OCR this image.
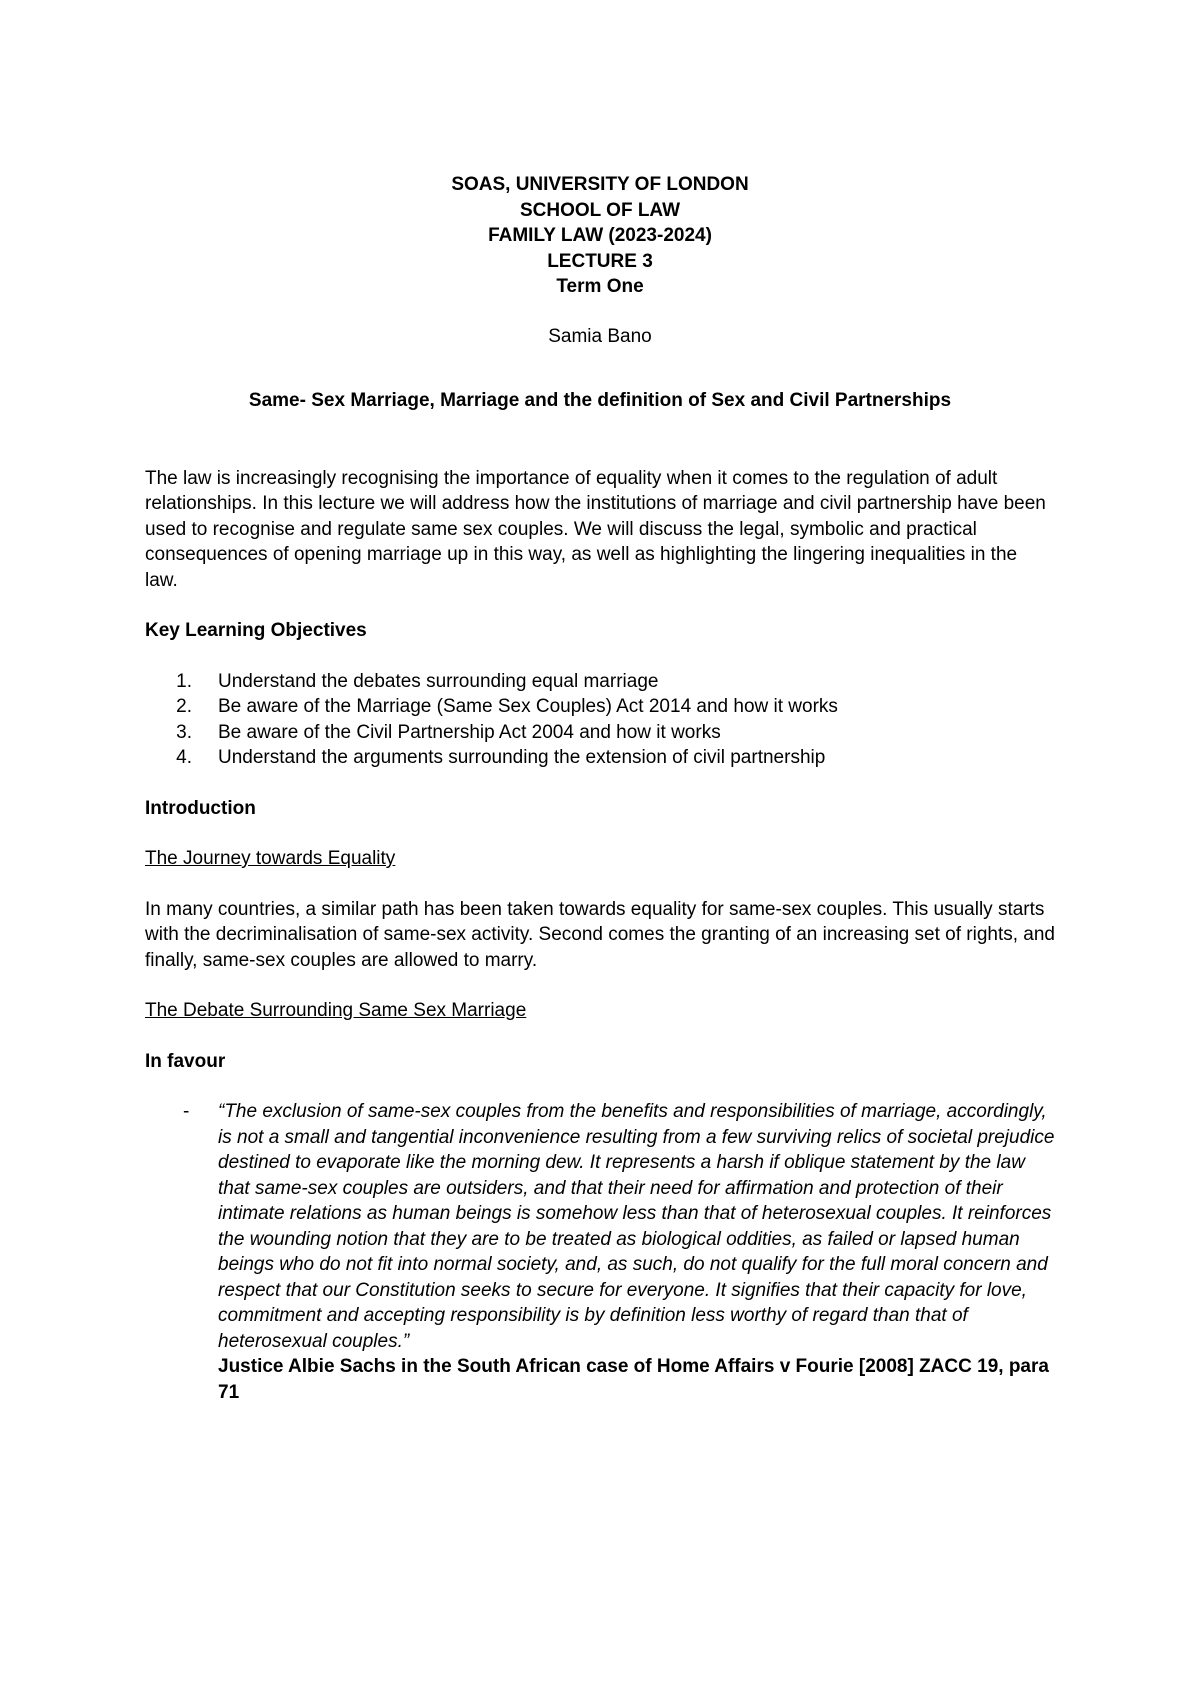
SOAS, UNIVERSITY OF LONDON

SCHOOL OF LAW

FAMILY LAW (2023-2024)

LECTURE 3

Term One

Samia Bano

Same- Sex Marriage, Marriage and the definition of Sex and Civil Partnerships

The law is increasingly recognising the importance of equality when it comes to the regulation of adult relationships. In this lecture we will address how the institutions of marriage and civil partnership have been used to recognise and regulate same sex couples. We will discuss the legal, symbolic and practical consequences of opening marriage up in this way, as well as highlighting the lingering inequalities in the law.

Key Learning Objectives

1.	Understand the debates surrounding equal marriage
2.	Be aware of the Marriage (Same Sex Couples) Act 2014 and how it works
3.	Be aware of the Civil Partnership Act 2004 and how it works
4.	Understand the arguments surrounding the extension of civil partnership

Introduction

The Journey towards Equality

In many countries, a similar path has been taken towards equality for same-sex couples. This usually starts with the decriminalisation of same-sex activity. Second comes the granting of an increasing set of rights, and finally, same-sex couples are allowed to marry.

The Debate Surrounding Same Sex Marriage

In favour

- “The exclusion of same-sex couples from the benefits and responsibilities of marriage, accordingly, is not a small and tangential inconvenience resulting from a few surviving relics of societal prejudice destined to evaporate like the morning dew. It represents a harsh if oblique statement by the law that same-sex couples are outsiders, and that their need for affirmation and protection of their intimate relations as human beings is somehow less than that of heterosexual couples. It reinforces the wounding notion that they are to be treated as biological oddities, as failed or lapsed human beings who do not fit into normal society, and, as such, do not qualify for the full moral concern and respect that our Constitution seeks to secure for everyone. It signifies that their capacity for love, commitment and accepting responsibility is by definition less worthy of regard than that of heterosexual couples.”

Justice Albie Sachs in the South African case of Home Affairs v Fourie [2008] ZACC 19, para 71
